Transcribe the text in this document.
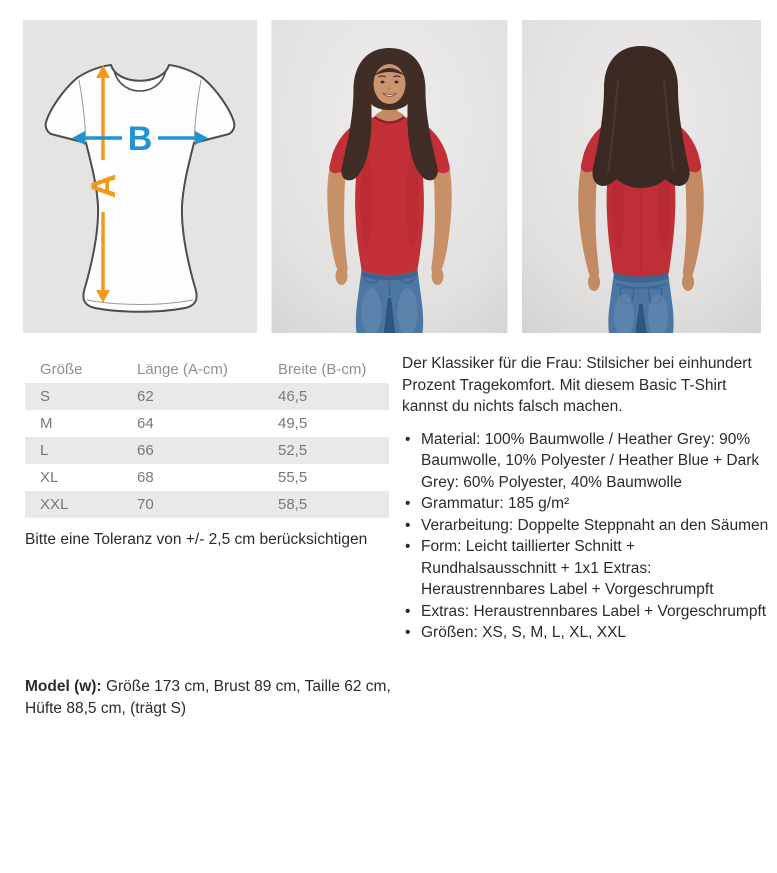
A
B
Größe	Länge (A-cm)	Breite (B-cm)
S	62	46,5
M	64	49,5
L	66	52,5
XL	68	55,5
XXL	70	58,5
Bitte eine Toleranz von +/- 2,5 cm berücksichtigen

Model (w): Größe 173 cm, Brust 89 cm, Taille 62 cm, Hüfte 88,5 cm, (trägt S)

Der Klassiker für die Frau: Stilsicher bei einhundert Prozent Tragekomfort. Mit diesem Basic T-Shirt kannst du nichts falsch machen.

• Material: 100% Baumwolle / Heather Grey: 90% Baumwolle, 10% Polyester / Heather Blue + Dark Grey: 60% Polyester, 40% Baumwolle
• Grammatur: 185 g/m²
• Verarbeitung: Doppelte Steppnaht an den Säumen
• Form: Leicht taillierter Schnitt + Rundhalsausschnitt + 1x1 Extras: Heraustrennbares Label + Vorgeschrumpft
• Extras: Heraustrennbares Label + Vorgeschrumpft
• Größen: XS, S, M, L, XL, XXL
